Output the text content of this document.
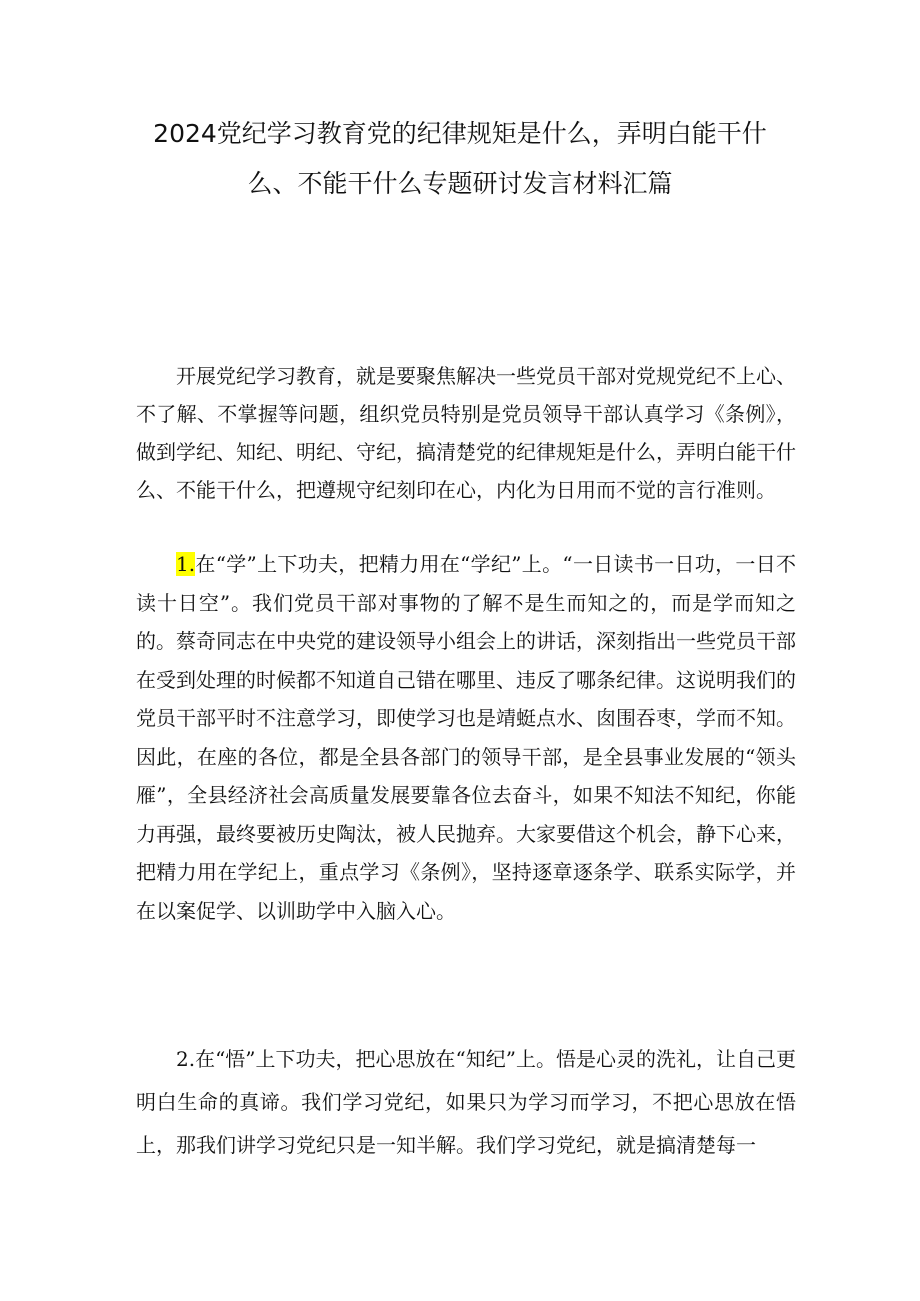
2024党纪学习教育党的纪律规矩是什么，弄明白能干什
么、不能干什么专题研讨发言材料汇篇

开展党纪学习教育，就是要聚焦解决一些党员干部对党规党纪不上心、不了解、不掌握等问题，组织党员特别是党员领导干部认真学习《条例》，做到学纪、知纪、明纪、守纪，搞清楚党的纪律规矩是什么，弄明白能干什么、不能干什么，把遵规守纪刻印在心，内化为日用而不觉的言行准则。

1.在“学”上下功夫，把精力用在“学纪”上。“一日读书一日功，一日不读十日空”。我们党员干部对事物的了解不是生而知之的，而是学而知之的。蔡奇同志在中央党的建设领导小组会上的讲话，深刻指出一些党员干部在受到处理的时候都不知道自己错在哪里、违反了哪条纪律。这说明我们的党员干部平时不注意学习，即使学习也是靖蜓点水、囱围吞枣，学而不知。因此，在座的各位，都是全县各部门的领导干部，是全县事业发展的“领头雁”，全县经济社会高质量发展要靠各位去奋斗，如果不知法不知纪，你能力再强，最终要被历史陶汰，被人民抛弃。大家要借这个机会，静下心来，把精力用在学纪上，重点学习《条例》，坚持逐章逐条学、联系实际学，并在以案促学、以训助学中入脑入心。

2.在“悟”上下功夫，把心思放在“知纪”上。悟是心灵的洗礼，让自己更明白生命的真谛。我们学习党纪，如果只为学习而学习，不把心思放在悟上，那我们讲学习党纪只是一知半解。我们学习党纪，就是搞清楚每一
